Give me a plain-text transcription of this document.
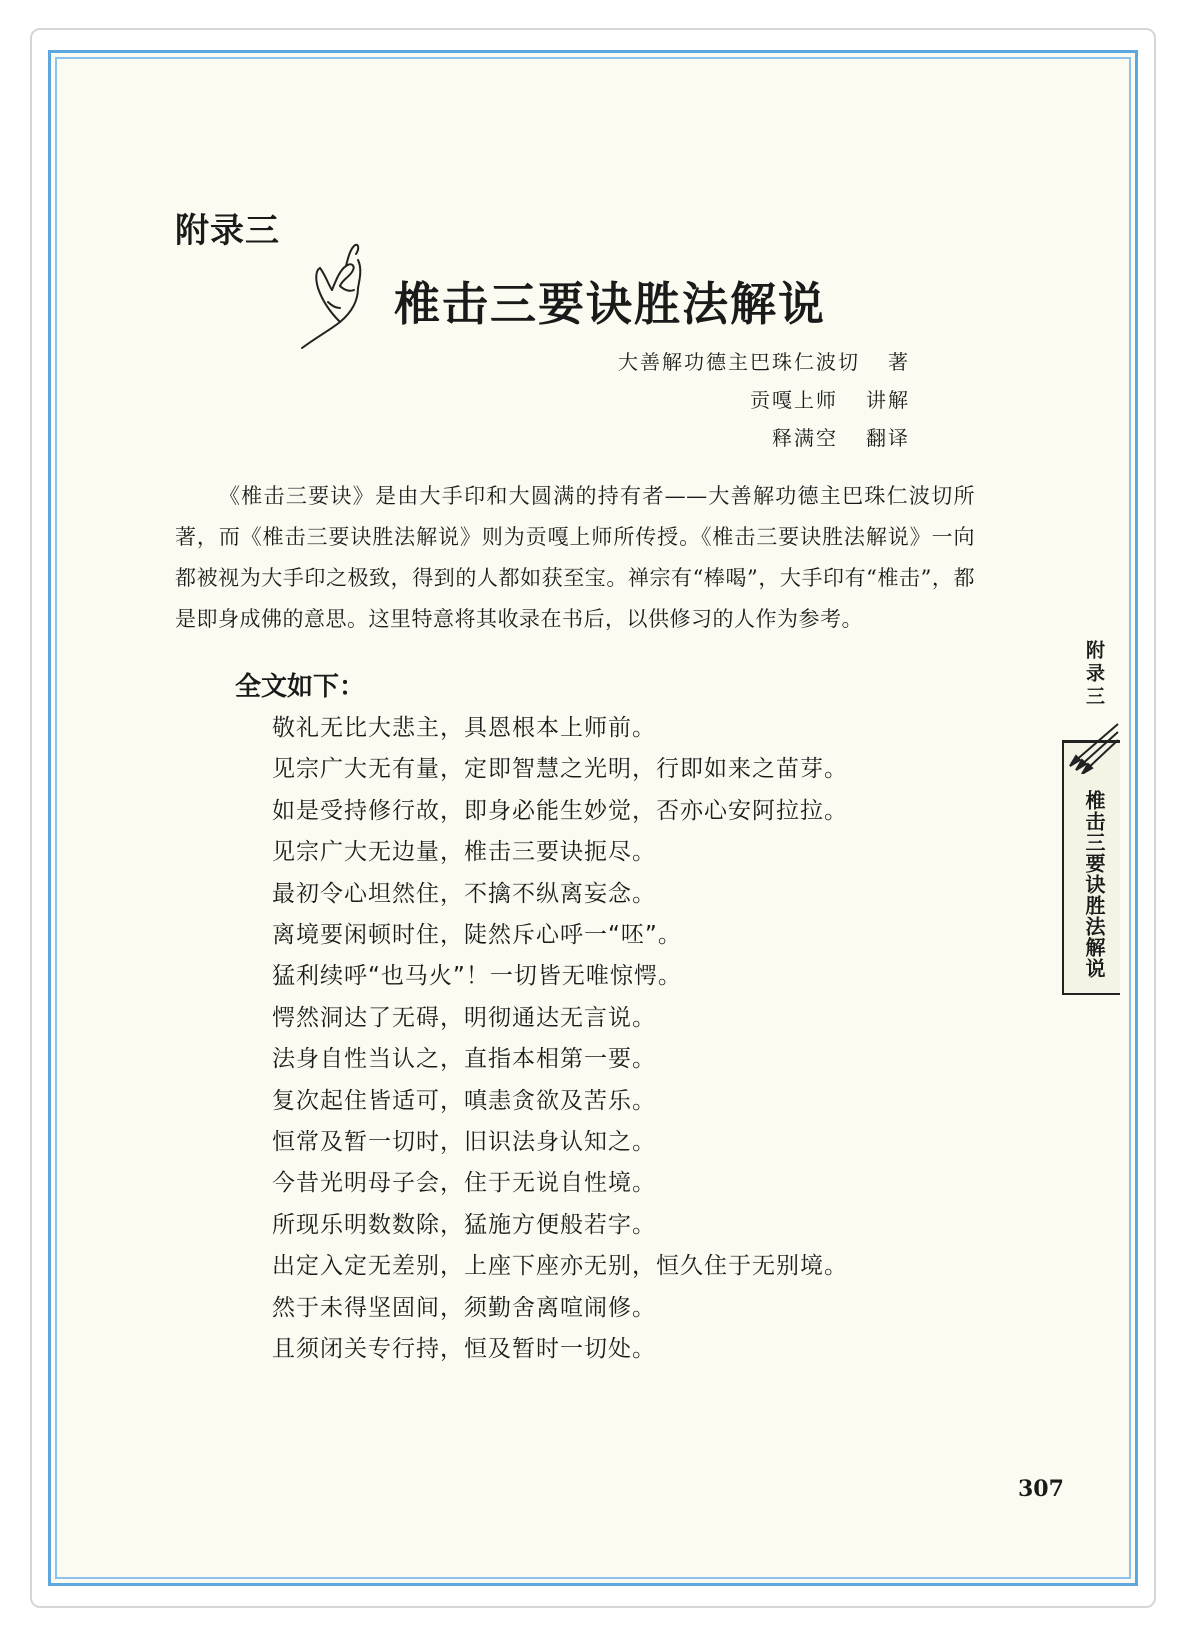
附录三
椎击三要诀胜法解说
大善解功德主巴珠仁波切 著
贡嘎上师 讲解
释满空 翻译

《椎击三要诀》是由大手印和大圆满的持有者——大善解功德主巴珠仁波切所著，而《椎击三要诀胜法解说》则为贡嘎上师所传授。《椎击三要诀胜法解说》一向都被视为大手印之极致，得到的人都如获至宝。禅宗有“棒喝”，大手印有“椎击”，都是即身成佛的意思。这里特意将其收录在书后，以供修习的人作为参考。

全文如下：
敬礼无比大悲主，具恩根本上师前。
见宗广大无有量，定即智慧之光明，行即如来之苗芽。
如是受持修行故，即身必能生妙觉，否亦心安阿拉拉。
见宗广大无边量，椎击三要诀扼尽。
最初令心坦然住，不擒不纵离妄念。
离境要闲顿时住，陡然斥心呼一“呸”。
猛利续呼“也马火”！一切皆无唯惊愕。
愕然洞达了无碍，明彻通达无言说。
法身自性当认之，直指本相第一要。
复次起住皆适可，嗔恚贪欲及苦乐。
恒常及暂一切时，旧识法身认知之。
今昔光明母子会，住于无说自性境。
所现乐明数数除，猛施方便般若字。
出定入定无差别，上座下座亦无别，恒久住于无别境。
然于未得坚固间，须勤舍离喧闹修。
且须闭关专行持，恒及暂时一切处。
附录三
椎击三要诀胜法解说
307
